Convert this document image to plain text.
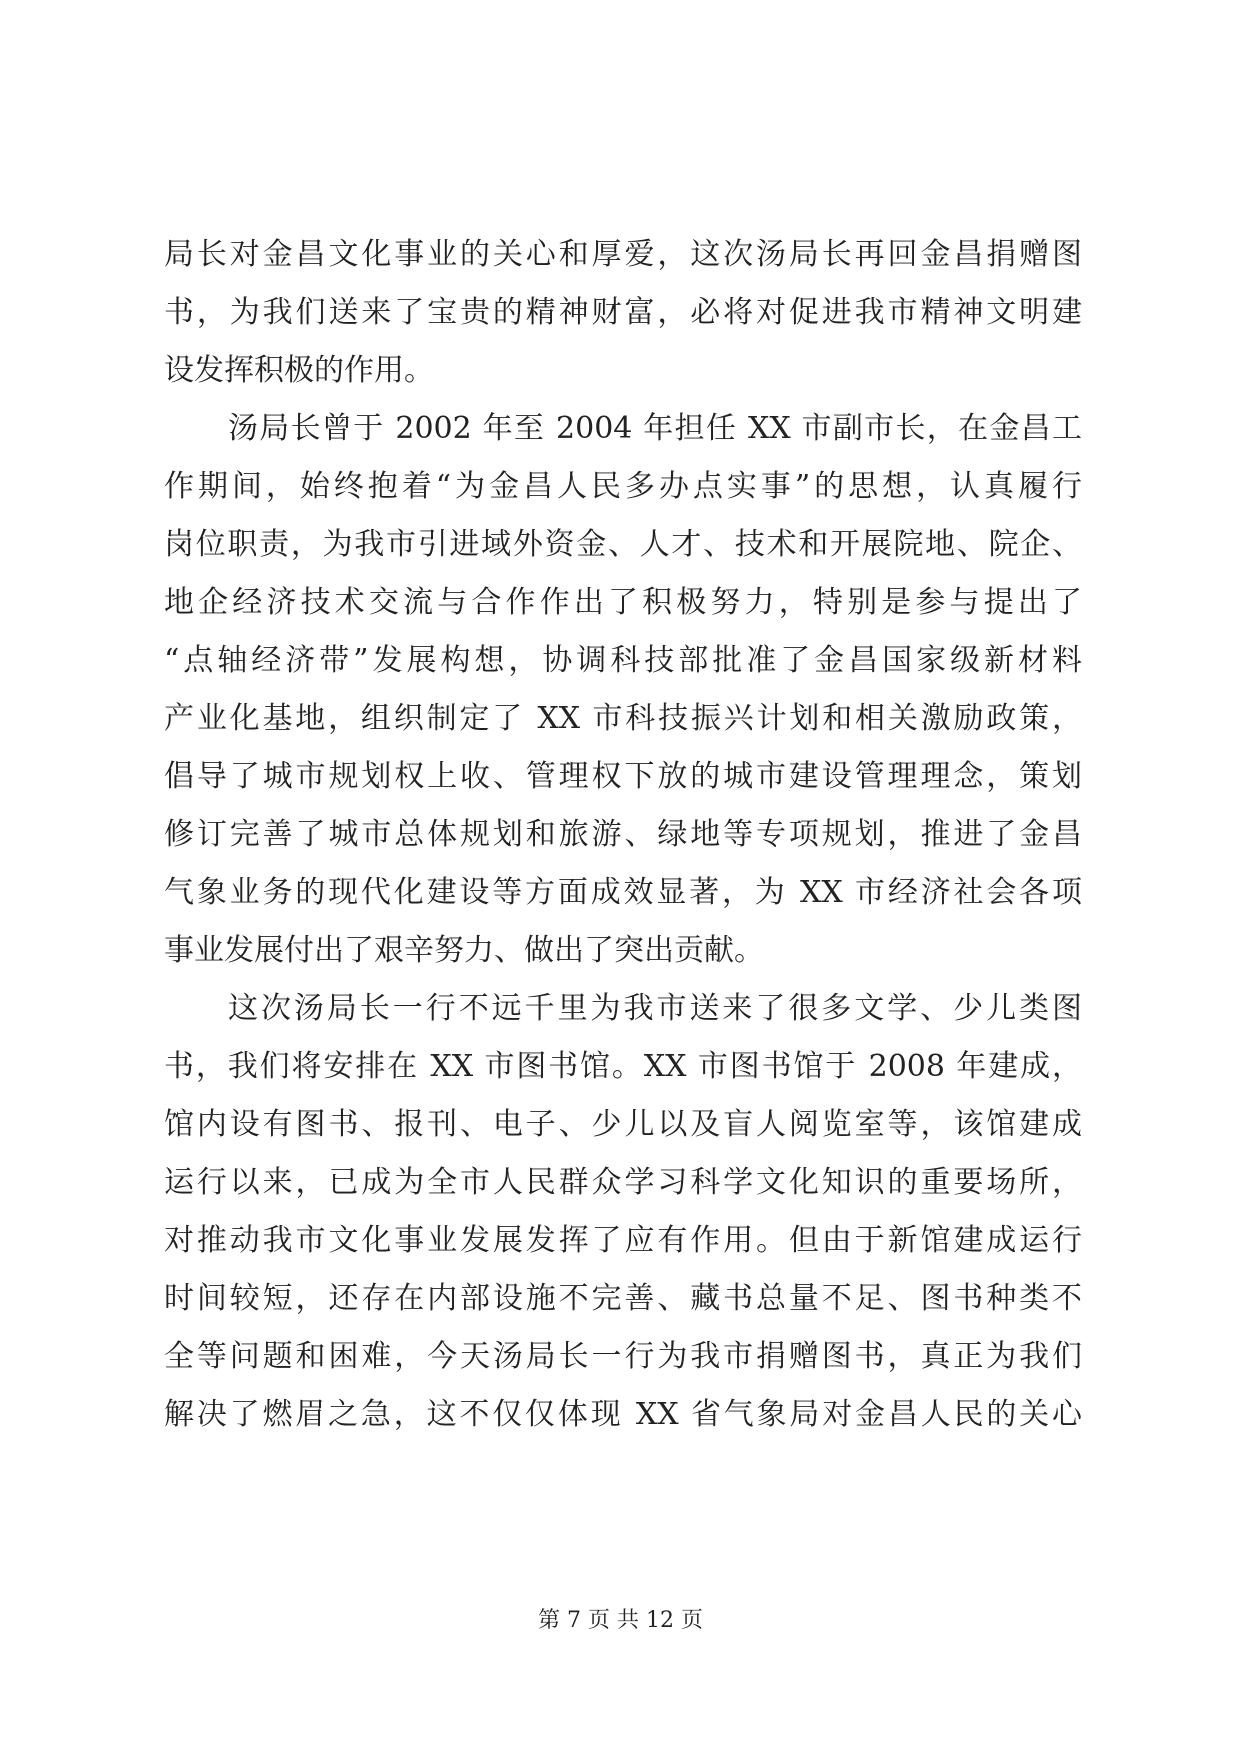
局长对金昌文化事业的关心和厚爱，这次汤局长再回金昌捐赠图
书，为我们送来了宝贵的精神财富，必将对促进我市精神文明建
设发挥积极的作用。
汤局长曾于 2002 年至 2004 年担任 XX 市副市长，在金昌工
作期间，始终抱着“为金昌人民多办点实事”的思想，认真履行
岗位职责，为我市引进域外资金、人才、技术和开展院地、院企、
地企经济技术交流与合作作出了积极努力，特别是参与提出了
“点轴经济带”发展构想，协调科技部批准了金昌国家级新材料
产业化基地，组织制定了 XX 市科技振兴计划和相关激励政策，
倡导了城市规划权上收、管理权下放的城市建设管理理念，策划
修订完善了城市总体规划和旅游、绿地等专项规划，推进了金昌
气象业务的现代化建设等方面成效显著，为 XX 市经济社会各项
事业发展付出了艰辛努力、做出了突出贡献。
这次汤局长一行不远千里为我市送来了很多文学、少儿类图
书，我们将安排在 XX 市图书馆。XX 市图书馆于 2008 年建成，
馆内设有图书、报刊、电子、少儿以及盲人阅览室等，该馆建成
运行以来，已成为全市人民群众学习科学文化知识的重要场所，
对推动我市文化事业发展发挥了应有作用。但由于新馆建成运行
时间较短，还存在内部设施不完善、藏书总量不足、图书种类不
全等问题和困难，今天汤局长一行为我市捐赠图书，真正为我们
解决了燃眉之急，这不仅仅体现 XX 省气象局对金昌人民的关心
第 7 页 共 12 页
